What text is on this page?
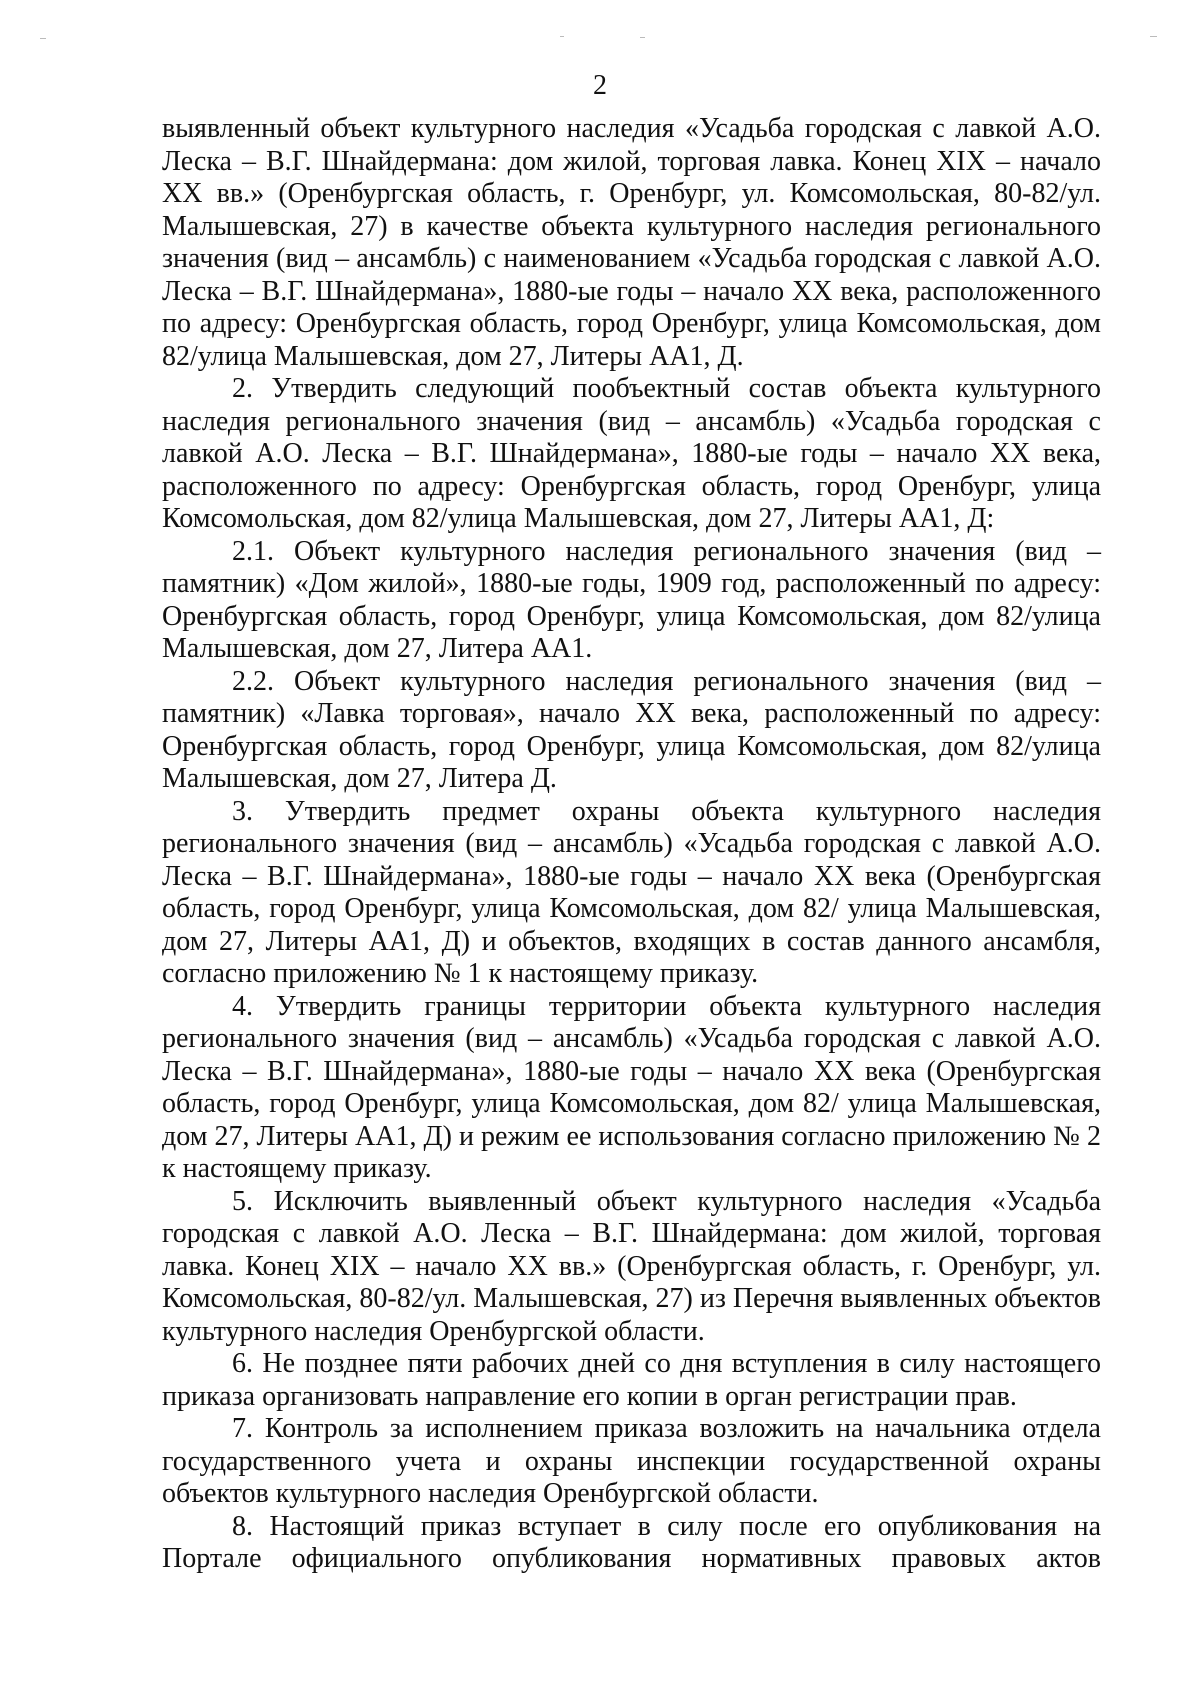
2

выявленный объект культурного наследия «Усадьба городская с лавкой А.О. Леска – В.Г. Шнайдермана: дом жилой, торговая лавка. Конец XIX – начало XX вв.» (Оренбургская область, г. Оренбург, ул. Комсомольская, 80-82/ул. Малышевская, 27) в качестве объекта культурного наследия регионального значения (вид – ансамбль) с наименованием «Усадьба городская с лавкой А.О. Леска – В.Г. Шнайдермана», 1880-ые годы – начало XX века, расположенного по адресу: Оренбургская область, город Оренбург, улица Комсомольская, дом 82/улица Малышевская, дом 27, Литеры АА1, Д.

2. Утвердить следующий пообъектный состав объекта культурного наследия регионального значения (вид – ансамбль) «Усадьба городская с лавкой А.О. Леска – В.Г. Шнайдермана», 1880-ые годы – начало XX века, расположенного по адресу: Оренбургская область, город Оренбург, улица Комсомольская, дом 82/улица Малышевская, дом 27, Литеры АА1, Д:

2.1. Объект культурного наследия регионального значения (вид – памятник) «Дом жилой», 1880-ые годы, 1909 год, расположенный по адресу: Оренбургская область, город Оренбург, улица Комсомольская, дом 82/улица Малышевская, дом 27, Литера АА1.

2.2. Объект культурного наследия регионального значения (вид – памятник) «Лавка торговая», начало XX века, расположенный по адресу: Оренбургская область, город Оренбург, улица Комсомольская, дом 82/улица Малышевская, дом 27, Литера Д.

3. Утвердить предмет охраны объекта культурного наследия регионального значения (вид – ансамбль) «Усадьба городская с лавкой А.О. Леска – В.Г. Шнайдермана», 1880-ые годы – начало XX века (Оренбургская область, город Оренбург, улица Комсомольская, дом 82/ улица Малышевская, дом 27, Литеры АА1, Д) и объектов, входящих в состав данного ансамбля, согласно приложению № 1 к настоящему приказу.

4. Утвердить границы территории объекта культурного наследия регионального значения (вид – ансамбль) «Усадьба городская с лавкой А.О. Леска – В.Г. Шнайдермана», 1880-ые годы – начало XX века (Оренбургская область, город Оренбург, улица Комсомольская, дом 82/ улица Малышевская, дом 27, Литеры АА1, Д) и режим ее использования согласно приложению № 2 к настоящему приказу.

5. Исключить выявленный объект культурного наследия «Усадьба городская с лавкой А.О. Леска – В.Г. Шнайдермана: дом жилой, торговая лавка. Конец XIX – начало XX вв.» (Оренбургская область, г. Оренбург, ул. Комсомольская, 80-82/ул. Малышевская, 27) из Перечня выявленных объектов культурного наследия Оренбургской области.

6. Не позднее пяти рабочих дней со дня вступления в силу настоящего приказа организовать направление его копии в орган регистрации прав.

7. Контроль за исполнением приказа возложить на начальника отдела государственного учета и охраны инспекции государственной охраны объектов культурного наследия Оренбургской области.

8. Настоящий приказ вступает в силу после его опубликования на Портале официального опубликования нормативных правовых актов
